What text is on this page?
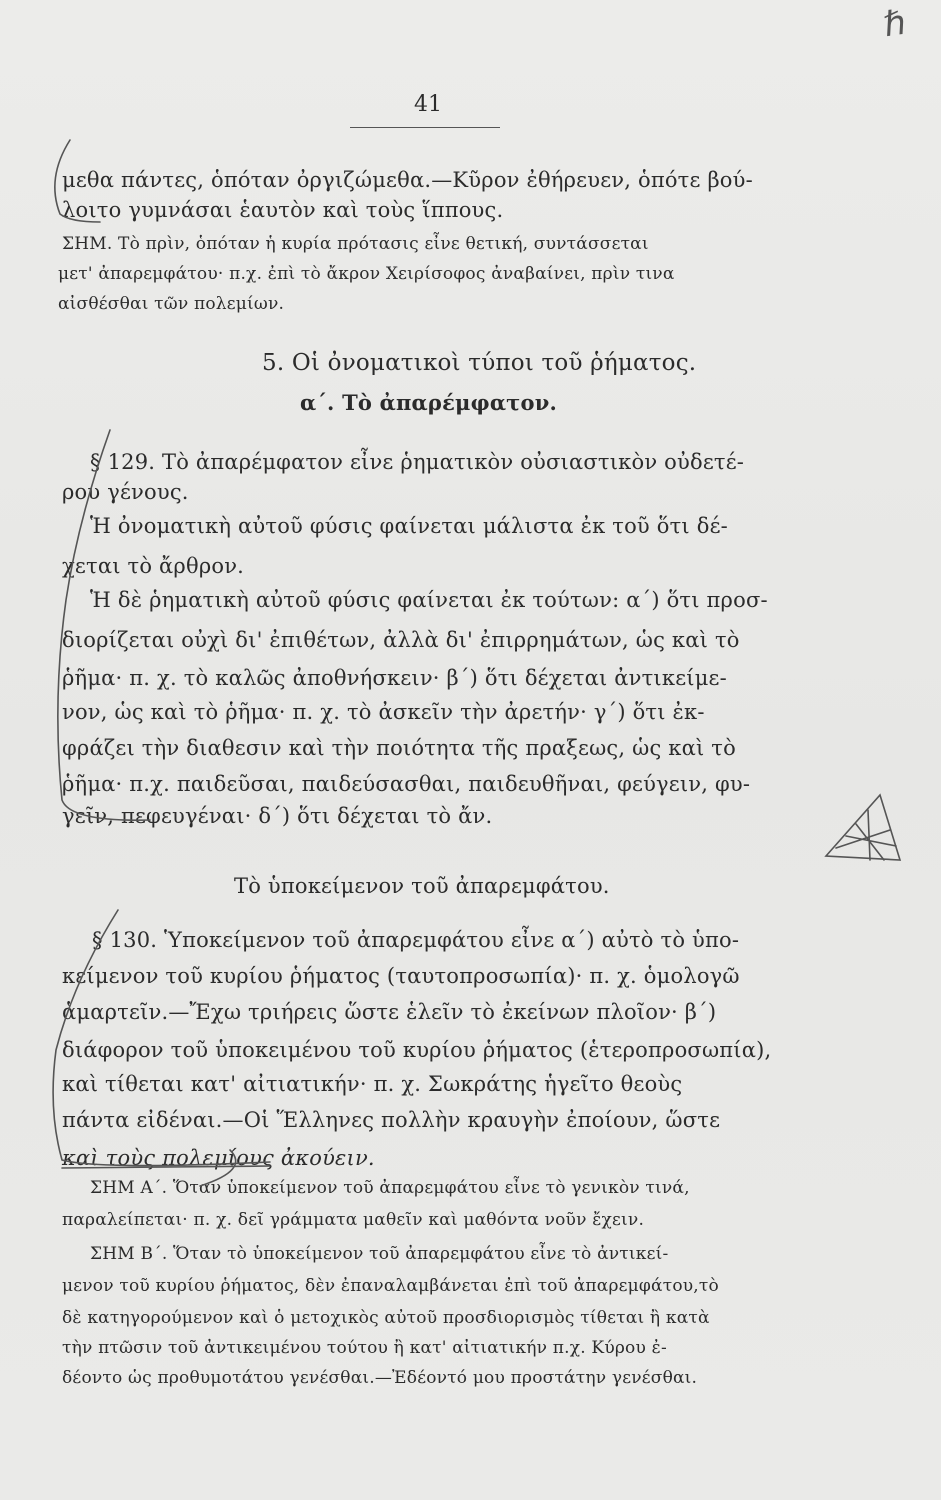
ℏ
41
μεθα πάντες, ὁπόταν ὀργιζώμεθα.—Κῦρον ἐθήρευεν, ὁπότε βού-
λοιτο γυμνάσαι ἑαυτὸν καὶ τοὺς ἵππους.
ΣΗΜ. Τὸ πρὶν, ὁπόταν ἡ κυρία πρότασις εἶνε θετική, συντάσσεται
μετ' ἀπαρεμφάτου· π.χ. ἐπὶ τὸ ἄκρον Χειρίσοφος ἀναβαίνει, πρὶν τινα
αἰσθέσθαι τῶν πολεμίων.
5. Οἱ ὀνοματικοὶ τύποι τοῦ ῥήματος.
α΄. Τὸ ἀπαρέμφατον.
§ 129. Τὸ ἀπαρέμφατον εἶνε ῥηματικὸν οὐσιαστικὸν οὐδετέ-
ρου γένους.
Ἡ ὀνοματικὴ αὐτοῦ φύσις φαίνεται μάλιστα ἐκ τοῦ ὅτι δέ-
χεται τὸ ἄρθρον.
Ἡ δὲ ῥηματικὴ αὐτοῦ φύσις φαίνεται ἐκ τούτων: α΄) ὅτι προσ-
διορίζεται οὐχὶ δι' ἐπιθέτων, ἀλλὰ δι' ἐπιρρημάτων, ὡς καὶ τὸ
ῥῆμα· π. χ. τὸ καλῶς ἀποθνήσκειν· β΄) ὅτι δέχεται ἀντικείμε-
νον, ὡς καὶ τὸ ῥῆμα· π. χ. τὸ ἀσκεῖν τὴν ἀρετήν· γ΄) ὅτι ἐκ-
φράζει τὴν διαθεσιν καὶ τὴν ποιότητα τῆς πραξεως, ὡς καὶ τὸ
ῥῆμα· π.χ. παιδεῦσαι, παιδεύσασθαι, παιδευθῆναι, φεύγειν, φυ-
γεῖν, πεφευγέναι· δ΄) ὅτι δέχεται τὸ ἄν.
Τὸ ὑποκείμενον τοῦ ἀπαρεμφάτου.
§ 130. Ὑποκείμενον τοῦ ἀπαρεμφάτου εἶνε α΄) αὐτὸ τὸ ὑπο-
κείμενον τοῦ κυρίου ῥήματος (ταυτοπροσωπία)· π. χ. ὁμολογῶ
ἁμαρτεῖν.—Ἔχω τριήρεις ὥστε ἑλεῖν τὸ ἐκείνων πλοῖον· β΄)
διάφορον τοῦ ὑποκειμένου τοῦ κυρίου ῥήματος (ἑτεροπροσωπία),
καὶ τίθεται κατ' αἰτιατικήν· π. χ. Σωκράτης ἡγεῖτο θεοὺς
πάντα εἰδέναι.—Οἱ Ἕλληνες πολλὴν κραυγὴν ἐποίουν, ὥστε
καὶ τοὺς πολεμίους ἀκούειν.
ΣΗΜ Α΄. Ὅταν ὑποκείμενον τοῦ ἀπαρεμφάτου εἶνε τὸ γενικὸν τινά,
παραλείπεται· π. χ. δεῖ γράμματα μαθεῖν καὶ μαθόντα νοῦν ἔχειν.
ΣΗΜ Β΄. Ὅταν τὸ ὑποκείμενον τοῦ ἀπαρεμφάτου εἶνε τὸ ἀντικεί-
μενον τοῦ κυρίου ῥήματος, δὲν ἐπαναλαμβάνεται ἐπὶ τοῦ ἀπαρεμφάτου,τὸ
δὲ κατηγορούμενον καὶ ὁ μετοχικὸς αὐτοῦ προσδιορισμὸς τίθεται ἢ κατὰ
τὴν πτῶσιν τοῦ ἀντικειμένου τούτου ἢ κατ' αἰτιατικήν π.χ. Κύρου ἐ-
δέοντο ὡς προθυμοτάτου γενέσθαι.—Ἐδέοντό μου προστάτην γενέσθαι.
